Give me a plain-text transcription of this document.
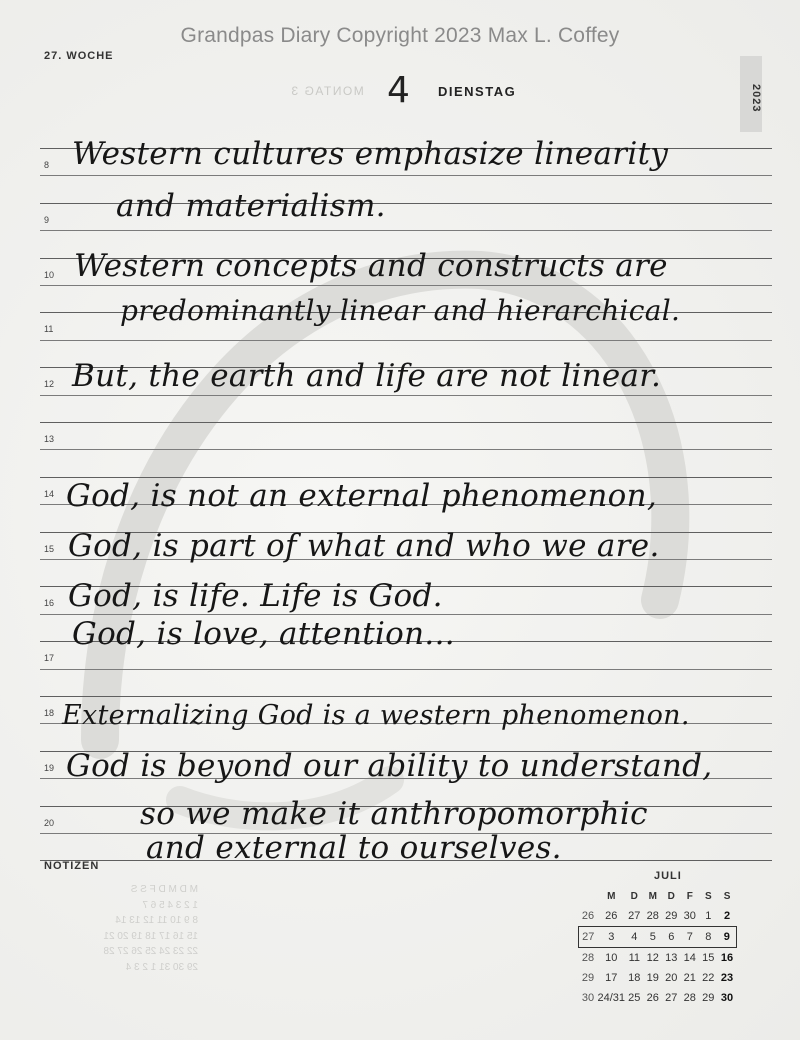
Grandpas Diary Copyright 2023 Max L. Coffey
27. WOCHE
MONTAG 3 4 DIENSTAG	2023
8
9
10
11
12
13
14
15
16
17
18
19
20
Western cultures emphasize linearity
and materialism.
Western concepts and constructs are
predominantly linear and hierarchical.
But, the earth and life are not linear.
God, is not an external phenomenon,
God, is part of what and who we are.
God, is life. Life is God.
God, is love, attention...
Externalizing God is a western phenomenon.
God is beyond our ability to understand,
so we make it anthropomorphic
and external to ourselves.
NOTIZEN
M D M D F S S
1 2 3 4 5 6 7
8 9 10 11 12 13 14
15 16 17 18 19 20 21
22 23 24 25 26 27 28
29 30 31 1 2 3 4
JULI
	M	D	M	D	F	S	S
26	26	27	28	29	30	1	2
27	3	4	5	6	7	8	9
28	10	11	12	13	14	15	16
29	17	18	19	20	21	22	23
30	24/31	25	26	27	28	29	30
